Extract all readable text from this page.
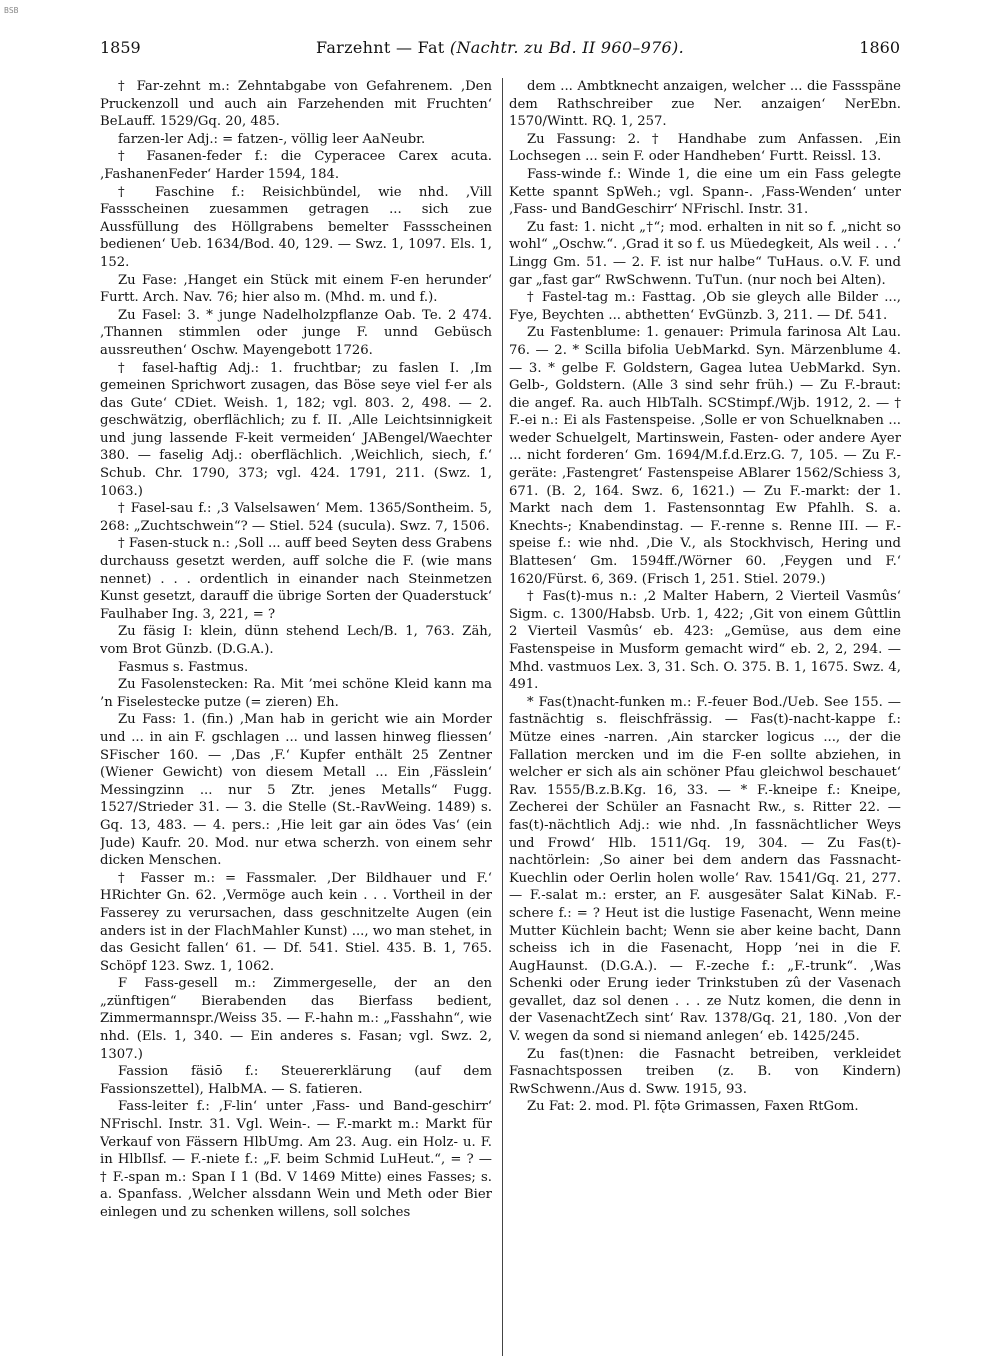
BSB
1859	Farzehnt — Fat (Nachtr. zu Bd. II 960–976).	1860

† Far-zehnt m.: Zehntabgabe von Gefahrenem. ‚Den Pruckenzoll und auch ain Farzehenden mit Fruchten‘ BeLauff. 1529/Gq. 20, 485.

farzen-ler Adj.: = fatzen-, völlig leer AaNeubr.

† Fasanen-feder f.: die Cyperacee Carex acuta. ‚FashanenFeder‘ Harder 1594, 184.

† Faschine f.: Reisichbündel, wie nhd. ‚Vill Fassscheinen zuesammen getragen ... sich zue Aussfüllung des Höllgrabens bemelter Fassscheinen bedienen‘ Ueb. 1634/Bod. 40, 129. — Swz. 1, 1097. Els. 1, 152.

Zu Fase: ‚Hanget ein Stück mit einem F-en herunder‘ Furtt. Arch. Nav. 76; hier also m. (Mhd. m. und f.).

Zu Fasel: 3. * junge Nadelholzpflanze Oab. Te. 2 474. ‚Thannen stimmlen oder junge F. unnd Gebüsch aussreuthen‘ Oschw. Mayengebott 1726.

† fasel-haftig Adj.: 1. fruchtbar; zu faslen I. ‚Im gemeinen Sprichwort zusagen, das Böse seye viel f-er als das Gute‘ CDiet. Weish. 1, 182; vgl. 803. 2, 498. — 2. geschwätzig, oberflächlich; zu f. II. ‚Alle Leichtsinnigkeit und jung lassende F-keit vermeiden‘ JABengel/Waechter 380. — faselig Adj.: oberflächlich. ‚Weichlich, siech, f.‘ Schub. Chr. 1790, 373; vgl. 424. 1791, 211. (Swz. 1, 1063.)

† Fasel-sau f.: ‚3 Valselsawen‘ Mem. 1365/Sontheim. 5, 268: „Zuchtschwein“? — Stiel. 524 (sucula). Swz. 7, 1506.

† Fasen-stuck n.: ‚Soll ... auff beed Seyten dess Grabens durchauss gesetzt werden, auff solche die F. (wie mans nennet) . . . ordentlich in einander nach Steinmetzen Kunst gesetzt, darauff die übrige Sorten der Quaderstuck‘ Faulhaber Ing. 3, 221, = ?

Zu fäsig I: klein, dünn stehend Lech/B. 1, 763. Zäh, vom Brot Günzb. (D.G.A.).

Fasmus s. Fastmus.

Zu Fasolenstecken: Ra. Mit ’mei schöne Kleid kann ma ’n Fiselestecke putze (= zieren) Eh.

Zu Fass: 1. (fin.) ‚Man hab in gericht wie ain Morder und ... in ain F. gschlagen ... und lassen hinweg fliessen‘ SFischer 160. — ‚Das ‚F.‘ Kupfer enthält 25 Zentner (Wiener Gewicht) von diesem Metall ... Ein ‚Fässlein‘ Messingzinn ... nur 5 Ztr. jenes Metalls“ Fugg. 1527/Strieder 31. — 3. die Stelle (St.-RavWeing. 1489) s. Gq. 13, 483. — 4. pers.: ‚Hie leit gar ain ödes Vas‘ (ein Jude) Kaufr. 20. Mod. nur etwa scherzh. von einem sehr dicken Menschen.

† Fasser m.: = Fassmaler. ‚Der Bildhauer und F.‘ HRichter Gn. 62. ‚Vermöge auch kein . . . Vortheil in der Fasserey zu verursachen, dass geschnitzelte Augen (ein anders ist in der FlachMahler Kunst) ..., wo man stehet, in das Gesicht fallen‘ 61. — Df. 541. Stiel. 435. B. 1, 765. Schöpf 123. Swz. 1, 1062.

F Fass-gesell m.: Zimmergeselle, der an den „zünftigen“ Bierabenden das Bierfass bedient, Zimmermannspr./Weiss 35. — F.-hahn m.: „Fasshahn“, wie nhd. (Els. 1, 340. — Ein anderes s. Fasan; vgl. Swz. 2, 1307.)

Fassion fäsiō f.: Steuererklärung (auf dem Fassionszettel), HalbMA. — S. fatieren.

Fass-leiter f.: ‚F-lin‘ unter ‚Fass- und Band-geschirr‘ NFrischl. Instr. 31. Vgl. Wein-. — F.-markt m.: Markt für Verkauf von Fässern HlbUmg. Am 23. Aug. ein Holz- u. F. in HlbIlsf. — F.-niete f.: „F. beim Schmid LuHeut.“, = ? — † F.-span m.: Span I 1 (Bd. V 1469 Mitte) eines Fasses; s. a. Spanfass. ‚Welcher alssdann Wein und Meth oder Bier einlegen und zu schenken willens, soll solches

dem ... Ambtknecht anzaigen, welcher ... die Fassspäne dem Rathschreiber zue Ner. anzaigen‘ NerEbn. 1570/Wintt. RQ. 1, 257.

Zu Fassung: 2. † Handhabe zum Anfassen. ‚Ein Lochsegen ... sein F. oder Handheben‘ Furtt. Reissl. 13.

Fass-winde f.: Winde 1, die eine um ein Fass gelegte Kette spannt SpWeh.; vgl. Spann-. ‚Fass-Wenden‘ unter ‚Fass- und BandGeschirr‘ NFrischl. Instr. 31.

Zu fast: 1. nicht „†“; mod. erhalten in nit so f. „nicht so wohl“ „Oschw.“. ‚Grad it so f. us Müedegkeit, Als weil . . .‘ Lingg Gm. 51. — 2. F. ist nur halbe“ TuHaus. o.V. F. und gar „fast gar“ RwSchwenn. TuTun. (nur noch bei Alten).

† Fastel-tag m.: Fasttag. ‚Ob sie gleych alle Bilder ..., Fye, Beychten ... abthetten‘ EvGünzb. 3, 211. — Df. 541.

Zu Fastenblume: 1. genauer: Primula farinosa Alt Lau. 76. — 2. * Scilla bifolia UebMarkd. Syn. Märzenblume 4. — 3. * gelbe F. Goldstern, Gagea lutea UebMarkd. Syn. Gelb-, Goldstern. (Alle 3 sind sehr früh.) — Zu F.-braut: die angef. Ra. auch HlbTalh. SCStimpf./Wjb. 1912, 2. — † F.-ei n.: Ei als Fastenspeise. ‚Solle er von Schuelknaben ... weder Schuelgelt, Martinswein, Fasten- oder andere Ayer ... nicht forderen‘ Gm. 1694/M.f.d.Erz.G. 7, 105. — Zu F.-geräte: ‚Fastengret‘ Fastenspeise ABlarer 1562/Schiess 3, 671. (B. 2, 164. Swz. 6, 1621.) — Zu F.-markt: der 1. Markt nach dem 1. Fastensonntag Ew Pfahlh. S. a. Knechts-; Knabendinstag. — F.-renne s. Renne III. — F.-speise f.: wie nhd. ‚Die V., als Stockhvisch, Hering und Blattesen‘ Gm. 1594ff./Wörner 60. ‚Feygen und F.‘ 1620/Fürst. 6, 369. (Frisch 1, 251. Stiel. 2079.)

† Fas(t)-mus n.: ‚2 Malter Habern, 2 Vierteil Vasmûs‘ Sigm. c. 1300/Habsb. Urb. 1, 422; ‚Git von einem Gûttlin 2 Vierteil Vasmûs‘ eb. 423: „Gemüse, aus dem eine Fastenspeise in Musform gemacht wird“ eb. 2, 2, 294. — Mhd. vastmuos Lex. 3, 31. Sch. O. 375. B. 1, 1675. Swz. 4, 491.

* Fas(t)nacht-funken m.: F.-feuer Bod./Ueb. See 155. — fastnächtig s. fleischfrässig. — Fas(t)-nacht-kappe f.: Mütze eines -narren. ‚Ain starcker logicus ..., der die Fallation mercken und im die F-en sollte abziehen, in welcher er sich als ain schöner Pfau gleichwol beschauet‘ Rav. 1555/B.z.B.Kg. 16, 33. — * F.-kneipe f.: Kneipe, Zecherei der Schüler an Fasnacht Rw., s. Ritter 22. — fas(t)-nächtlich Adj.: wie nhd. ‚In fassnächtlicher Weys und Frowd‘ Hlb. 1511/Gq. 19, 304. — Zu Fas(t)-nachtörlein: ‚So ainer bei dem andern das Fassnacht-Kuechlin oder Oerlin holen wolle‘ Rav. 1541/Gq. 21, 277. — F.-salat m.: erster, an F. ausgesäter Salat KiNab. F.-schere f.: = ? Heut ist die lustige Fasenacht, Wenn meine Mutter Küchlein bacht; Wenn sie aber keine bacht, Dann scheiss ich in die Fasenacht, Hopp ’nei in die F. AugHaunst. (D.G.A.). — F.-zeche f.: „F.-trunk“. ‚Was Schenki oder Erung ieder Trinkstuben zû der Vasenach gevallet, daz sol denen . . . ze Nutz komen, die denn in der VasenachtZech sint‘ Rav. 1378/Gq. 21, 180. ‚Von der V. wegen da sond si niemand anlegen‘ eb. 1425/245.

Zu fas(t)nen: die Fasnacht betreiben, verkleidet Fasnachtspossen treiben (z. B. von Kindern) RwSchwenn./Aus d. Sww. 1915, 93.

Zu Fat: 2. mod. Pl. fǭtə Grimassen, Faxen RtGom.
